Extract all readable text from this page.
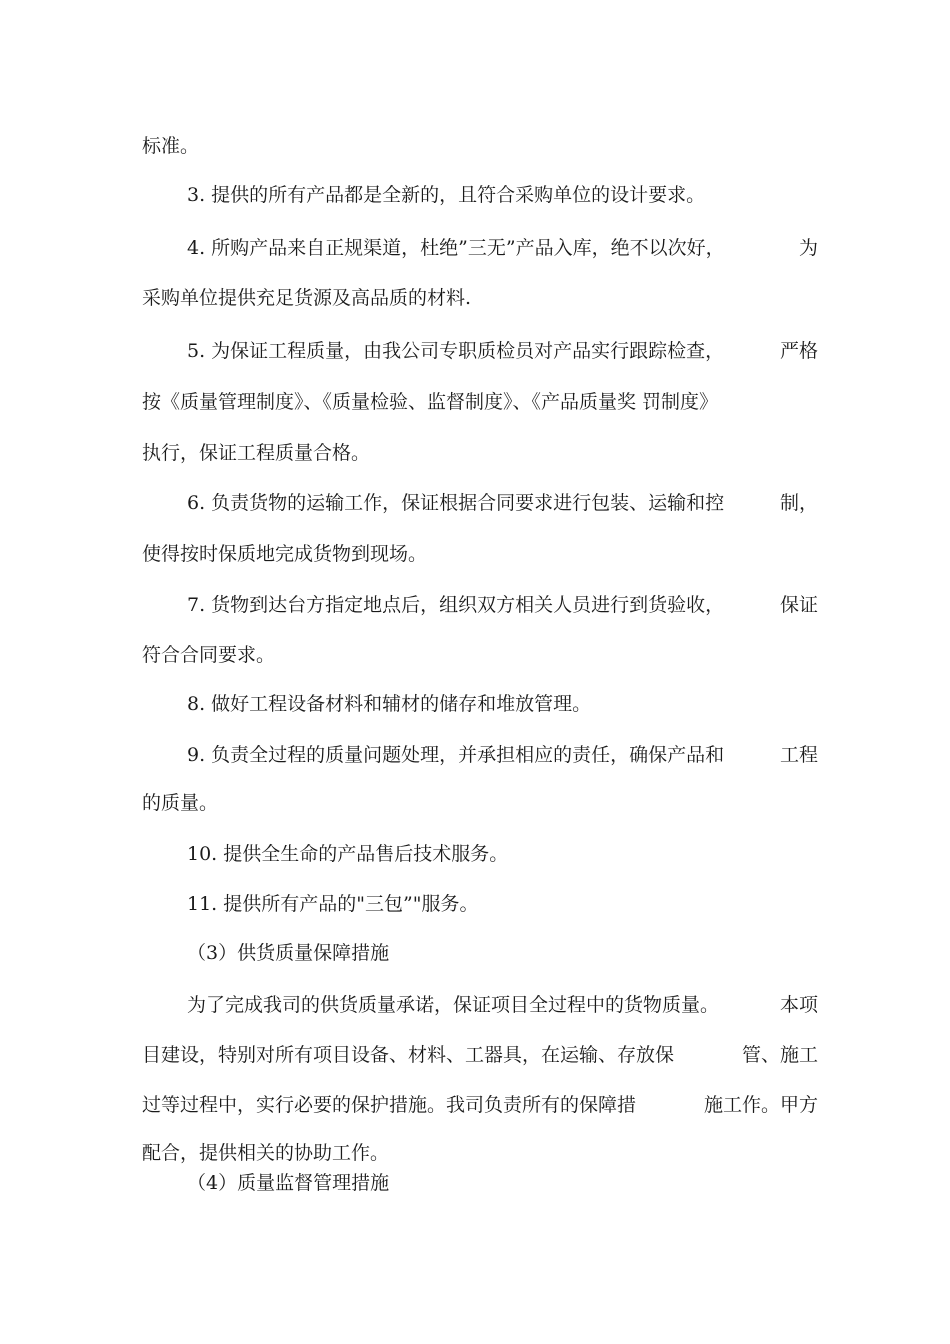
标准。
3. 提供的所有产品都是全新的，且符合采购单位的设计要求。
4. 所购产品来自正规渠道，杜绝”三无”产品入库，绝不以次好，	为
采购单位提供充足货源及高品质的材料.
5. 为保证工程质量，由我公司专职质检员对产品实行跟踪检查，	严格
按《质量管理制度》、《质量检验、监督制度》、《产品质量奖 罚制度》
执行，保证工程质量合格。
6. 负责货物的运输工作，保证根据合同要求进行包装、运输和控	制，
使得按时保质地完成货物到现场。
7. 货物到达台方指定地点后，组织双方相关人员进行到货验收，	保证
符合合同要求。
8. 做好工程设备材料和辅材的储存和堆放管理。
9. 负责全过程的质量问题处理，并承担相应的责任，确保产品和	工程
的质量。
10. 提供全生命的产品售后技术服务。
11. 提供所有产品的"三包”"服务。
（3）供货质量保障措施
为了完成我司的供货质量承诺，保证项目全过程中的货物质量。	本项
目建设，特别对所有项目设备、材料、工器具，在运输、存放保	管、施工
过等过程中，实行必要的保护措施。我司负责所有的保障措	施工作。甲方
配合，提供相关的协助工作。
（4）质量监督管理措施
